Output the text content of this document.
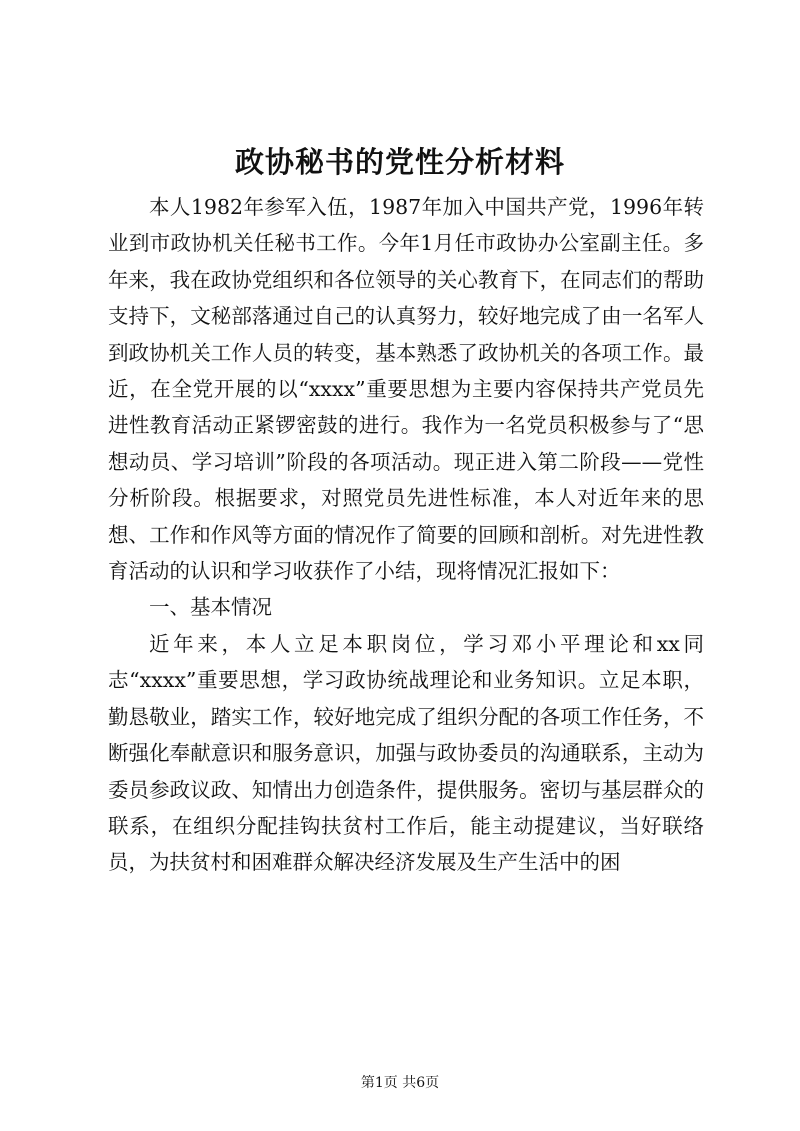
政协秘书的党性分析材料

本人1982年参军入伍，1987年加入中国共产党，1996年转业到市政协机关任秘书工作。今年1月任市政协办公室副主任。多年来，我在政协党组织和各位领导的关心教育下，在同志们的帮助支持下，文秘部落通过自己的认真努力，较好地完成了由一名军人到政协机关工作人员的转变，基本熟悉了政协机关的各项工作。最近，在全党开展的以“xxxx”重要思想为主要内容保持共产党员先进性教育活动正紧锣密鼓的进行。我作为一名党员积极参与了“思想动员、学习培训”阶段的各项活动。现正进入第二阶段——党性分析阶段。根据要求，对照党员先进性标准，本人对近年来的思想、工作和作风等方面的情况作了简要的回顾和剖析。对先进性教育活动的认识和学习收获作了小结，现将情况汇报如下：

一、基本情况

近年来，本人立足本职岗位，学习邓小平理论和xx同志“xxxx”重要思想，学习政协统战理论和业务知识。立足本职，勤恳敬业，踏实工作，较好地完成了组织分配的各项工作任务，不断强化奉献意识和服务意识，加强与政协委员的沟通联系，主动为委员参政议政、知情出力创造条件，提供服务。密切与基层群众的联系，在组织分配挂钩扶贫村工作后，能主动提建议，当好联络员，为扶贫村和困难群众解决经济发展及生产生活中的困

第1页 共6页
